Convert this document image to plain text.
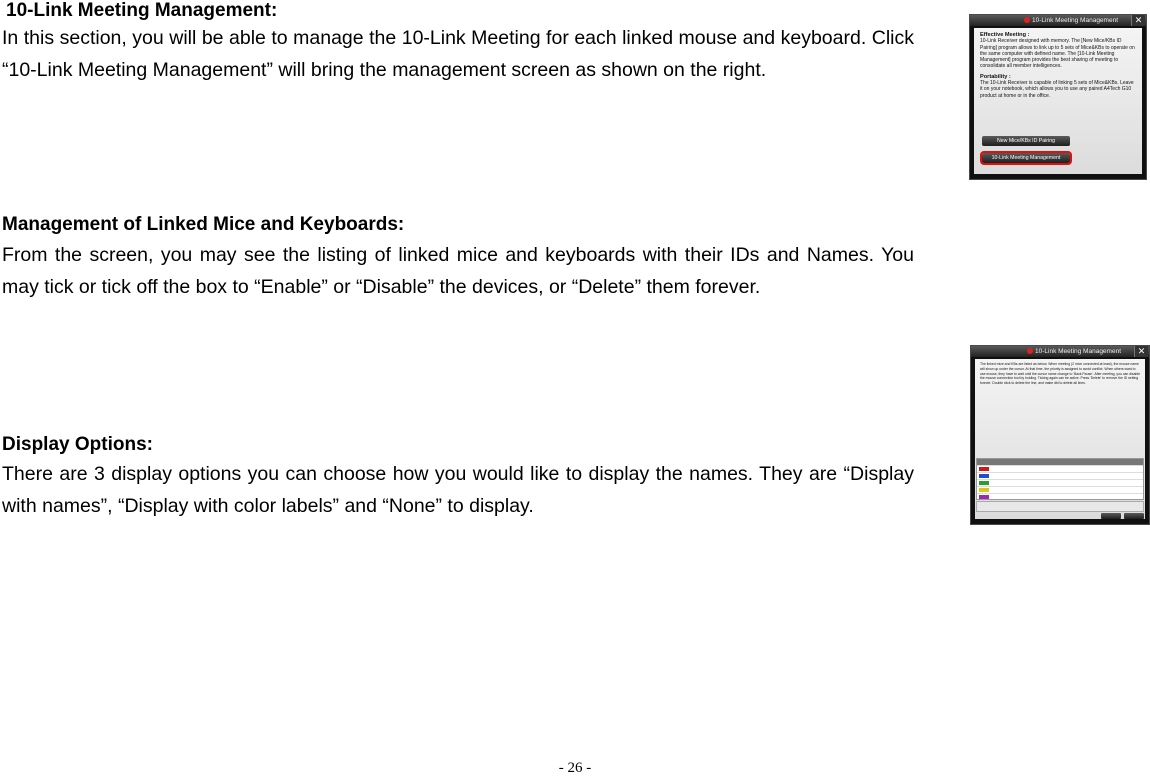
10-Link Meeting Management:

In this section, you will be able to manage the 10-Link Meeting for each linked mouse and keyboard. Click “10-Link Meeting Management” will bring the management screen as shown on the right.

Management of Linked Mice and Keyboards:

From the screen, you may see the listing of linked mice and keyboards with their IDs and Names. You may tick or tick off the box to “Enable” or “Disable” the devices, or “Delete” them forever.

Display Options:

There are 3 display options you can choose how you would like to display the names. They are “Display with names”, “Display with color labels” and “None” to display.

10-Link Meeting Management	✕
Effective Meeting :
10-Link Receiver designed with memory. The [New Mice/KBs ID Pairing] program allows to link up to 5 sets of Mice&KBs to operate on the same computer with defined name. The [10-Link Meeting Management] program provides the best sharing of meeting to consolidate all member intelligences.
Portability :
The 10-Link Receiver is capable of linking 5 sets of Mice&KBs. Leave it on your notebook, which allows you to use any paired A4Tech G10 product at home or in the office.
New Mice/KBs ID Pairing
10-Link Meeting Management
10-Link Meeting Management	✕
The linked mice and KBs are listed as below. When meeting (2 mice connected at least), the mouse name will show up under the cursor. At that time, the priority is assigned to avoid conflict. When others want to use mouse, they have to wait until the cursor name change to 'Back Pause'. After meeting, you can disable the mouse connection tool by holding. Ticking again can be active. Press 'Delete' to remove the ID setting forever. Double click to delete the line, and make dbl to delete all lines.
- 26 -
